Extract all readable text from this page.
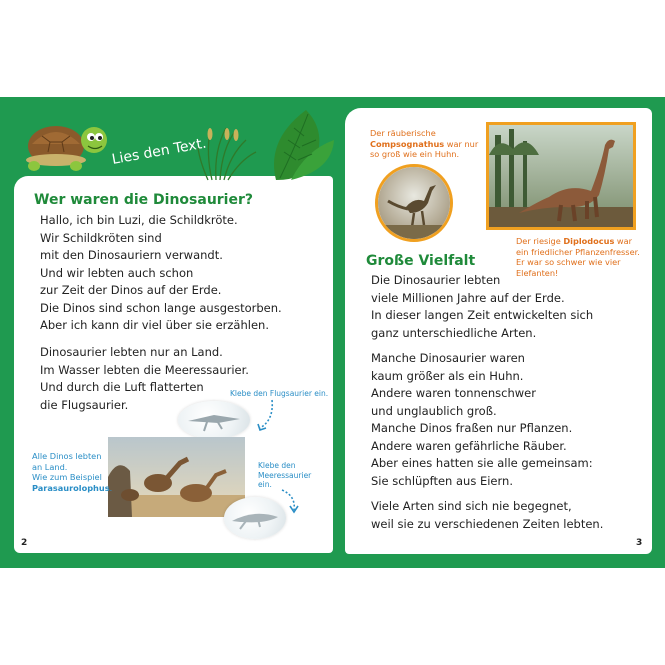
Lies den Text.
Wer waren die Dinosaurier?
Hallo, ich bin Luzi, die Schildkröte.
Wir Schildkröten sind
mit den Dinosauriern verwandt.
Und wir lebten auch schon
zur Zeit der Dinos auf der Erde.
Die Dinos sind schon lange ausgestorben.
Aber ich kann dir viel über sie erzählen.
Dinosaurier lebten nur an Land.
Im Wasser lebten die Meeressaurier.
Und durch die Luft flatterten
die Flugsaurier.
Klebe den Flugsaurier ein.
Alle Dinos lebten
an Land.
Wie zum Beispiel
Parasaurolophus.
Klebe den
Meeressaurier
ein.
2
Der räuberische
Compsognathus war nur
so groß wie ein Huhn.
Der riesige Diplodocus war
ein friedlicher Pflanzenfresser.
Er war so schwer wie vier
Elefanten!
Große Vielfalt
Die Dinosaurier lebten
viele Millionen Jahre auf der Erde.
In dieser langen Zeit entwickelten sich
ganz unterschiedliche Arten.
Manche Dinosaurier waren
kaum größer als ein Huhn.
Andere waren tonnenschwer
und unglaublich groß.
Manche Dinos fraßen nur Pflanzen.
Andere waren gefährliche Räuber.
Aber eines hatten sie alle gemeinsam:
Sie schlüpften aus Eiern.
Viele Arten sind sich nie begegnet,
weil sie zu verschiedenen Zeiten lebten.
3
